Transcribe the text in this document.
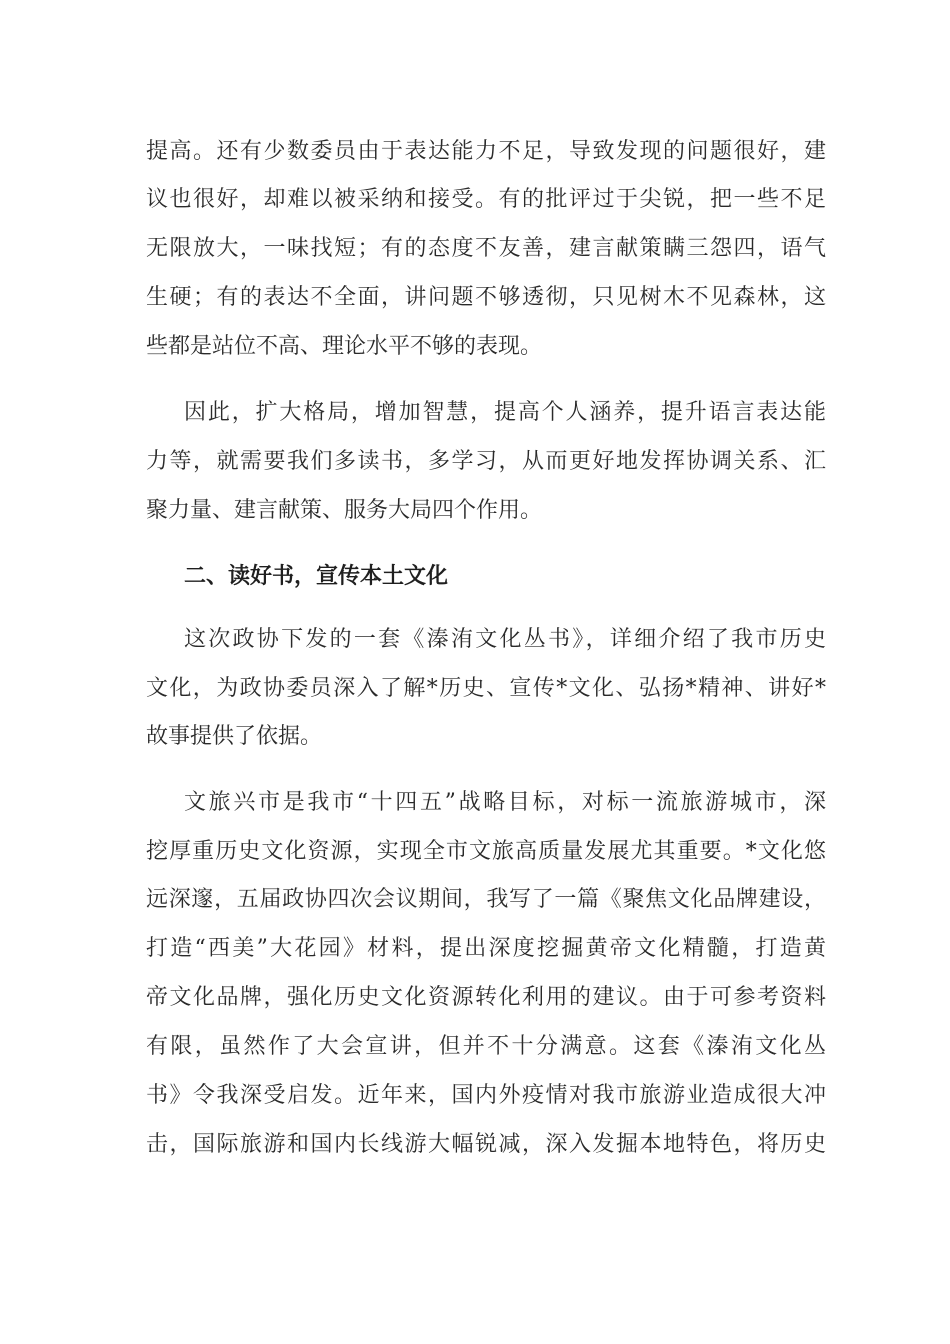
提高。还有少数委员由于表达能力不足，导致发现的问题很好，建
议也很好，却难以被采纳和接受。有的批评过于尖锐，把一些不足
无限放大，一味找短；有的态度不友善，建言献策瞒三怨四，语气
生硬；有的表达不全面，讲问题不够透彻，只见树木不见森林，这
些都是站位不高、理论水平不够的表现。
因此，扩大格局，增加智慧，提高个人涵养，提升语言表达能
力等，就需要我们多读书，多学习，从而更好地发挥协调关系、汇
聚力量、建言献策、服务大局四个作用。
二、读好书，宣传本土文化
这次政协下发的一套《溱洧文化丛书》，详细介绍了我市历史
文化，为政协委员深入了解*历史、宣传*文化、弘扬*精神、讲好*
故事提供了依据。
文旅兴市是我市“十四五”战略目标，对标一流旅游城市，深
挖厚重历史文化资源，实现全市文旅高质量发展尤其重要。*文化悠
远深邃，五届政协四次会议期间，我写了一篇《聚焦文化品牌建设，
打造“西美”大花园》材料，提出深度挖掘黄帝文化精髓，打造黄
帝文化品牌，强化历史文化资源转化利用的建议。由于可参考资料
有限，虽然作了大会宣讲，但并不十分满意。这套《溱洧文化丛
书》令我深受启发。近年来，国内外疫情对我市旅游业造成很大冲
击，国际旅游和国内长线游大幅锐减，深入发掘本地特色，将历史
